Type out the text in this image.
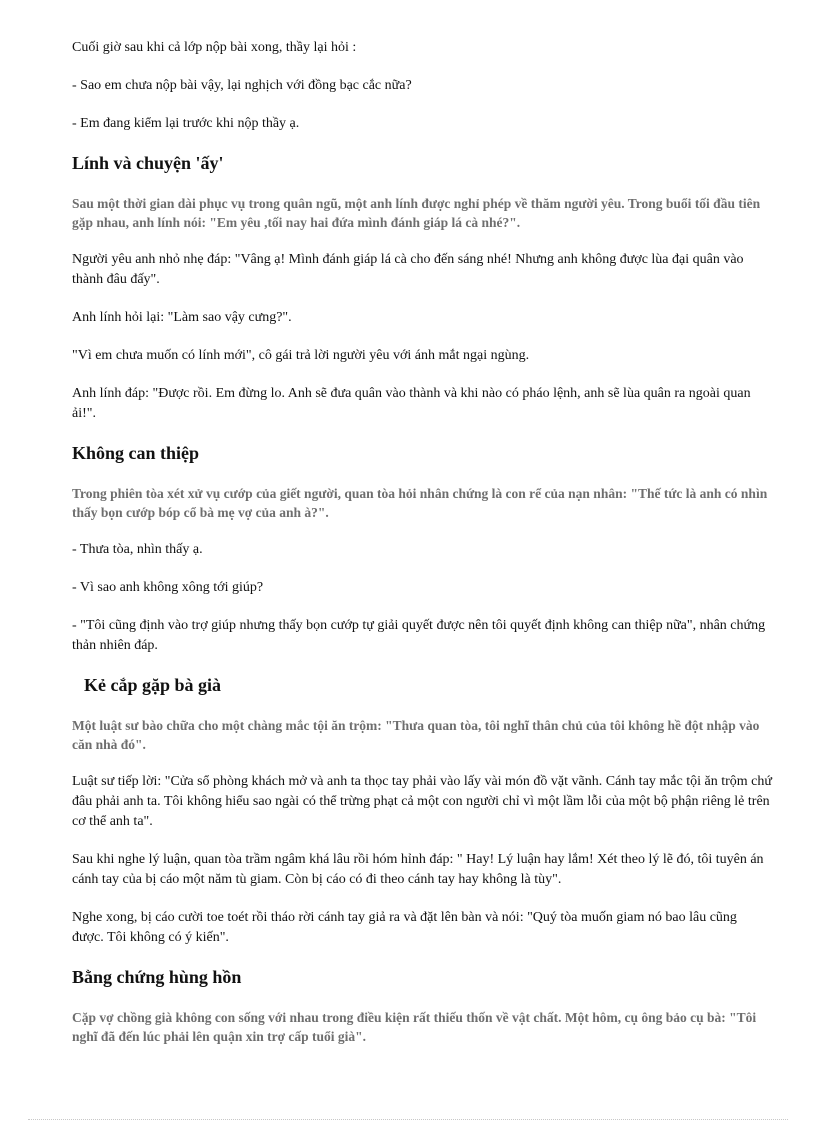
Cuối giờ sau khi cả lớp nộp bài xong, thầy lại hỏi :

- Sao em chưa nộp bài vậy, lại nghịch với đồng bạc cắc nữa?

- Em đang kiểm lại trước khi nộp thầy ạ.

Lính và chuyện 'ấy'

Sau một thời gian dài phục vụ trong quân ngũ, một anh lính được nghỉ phép về thăm người yêu. Trong buổi tối đầu tiên gặp nhau, anh lính nói: "Em yêu ,tối nay hai đứa mình đánh giáp lá cà nhé?".

Người yêu anh nhỏ nhẹ đáp: "Vâng ạ! Mình đánh giáp lá cà cho đến sáng nhé! Nhưng anh không được lùa đại quân vào thành đâu đấy".

Anh lính hỏi lại: "Làm sao vậy cưng?".

"Vì em chưa muốn có lính mới", cô gái trả lời người yêu với ánh mắt ngại ngùng.

Anh lính đáp: "Được rồi. Em đừng lo. Anh sẽ đưa quân vào thành và khi nào có pháo lệnh, anh sẽ lùa quân ra ngoài quan ải!".

Không can thiệp

Trong phiên tòa xét xử vụ cướp của giết người, quan tòa hỏi nhân chứng là con rể của nạn nhân: "Thế tức là anh có nhìn thấy bọn cướp bóp cổ bà mẹ vợ của anh à?".

- Thưa tòa, nhìn thấy ạ.

- Vì sao anh không xông tới giúp?

- "Tôi cũng định vào trợ giúp nhưng thấy bọn cướp tự giải quyết được nên tôi quyết định không can thiệp nữa", nhân chứng thản nhiên đáp.

Kẻ cắp gặp bà già

Một luật sư bào chữa cho một chàng mắc tội ăn trộm: "Thưa quan tòa, tôi nghĩ thân chủ của tôi không hề đột nhập vào căn nhà đó".

Luật sư tiếp lời: "Cửa sổ phòng khách mở và anh ta thọc tay phải vào lấy vài món đồ vặt vãnh. Cánh tay mắc tội ăn trộm chứ đâu phải anh ta. Tôi không hiểu sao ngài có thể trừng phạt cả một con người chỉ vì một lầm lỗi của một bộ phận riêng lẻ trên cơ thể anh ta".

Sau khi nghe lý luận, quan tòa trầm ngâm khá lâu rồi hóm hỉnh đáp: " Hay! Lý luận hay lắm! Xét theo lý lẽ đó, tôi tuyên án cánh tay của bị cáo một năm tù giam. Còn bị cáo có đi theo cánh tay hay không là tùy".

Nghe xong, bị cáo cười toe toét rồi tháo rời cánh tay giả ra và đặt lên bàn và nói: "Quý tòa muốn giam nó bao lâu cũng được. Tôi không có ý kiến".

Bằng chứng hùng hồn

Cặp vợ chồng già không con sống với nhau trong điều kiện rất thiếu thốn về vật chất. Một hôm, cụ ông bảo cụ bà: "Tôi nghĩ đã đến lúc phải lên quận xin trợ cấp tuổi già".
